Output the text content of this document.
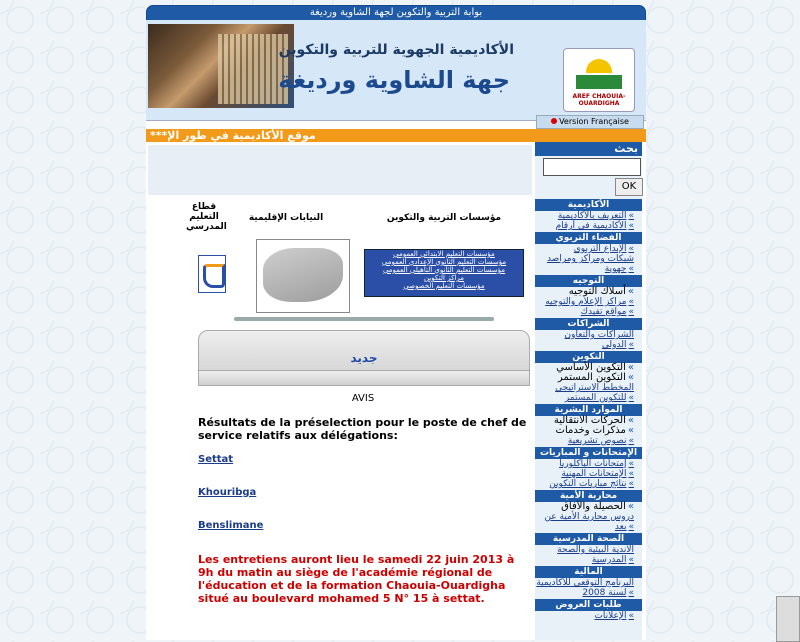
بوابة التربية والتكوين لجهة الشاوية ورديغة
الأكاديمية الجهوية للتربية والتكوين
جهة الشاوية ورديغة
AREF CHAOUIA-OUARDIGHA
Version Française
***موقع الأكاديمية في طور الإ
قطاع التعليم المدرسي
النيابات الإقليمية	مؤسسات التربية والتكوين
مؤسسات التعليم الابتدائي العمومي
مؤسسات التعليم الثانوي الإعدادي العمومي
مؤسسات التعليم الثانوي التأهيلي العمومي
مراكز التكوين
مؤسسات التعليم الخصوصي
جديد
AVIS

Résultats de la préselection pour le poste de chef de service relatifs aux délégations:

Settat
Khouribga
Benslimane
Les entretiens auront lieu le samedi 22 juin 2013 à 9h du matin au siège de l'académie régional de l'éducation et de la formation Chaouia-Ouardigha situé au boulevard mohamed 5 N° 15 à settat.
بحث
OK
الأكاديمية
التعريف بالأكاديمية «
الأكاديمية في أرقام «
الفضاء التربوي
الإبداع التربوي «
شبكات ومراكز ومراصد جهوية «
التوجيه
أسلاك التوجيه «
مراكز الإعلام والتوجيه «
مواقع تفيدك «
الشراكات
الشراكات والتعاون الدولي «
التكوين
التكوين الأساسي «
التكوين المستمر «
المخطط الاستراتيجي للتكوين المستمر «
الموارد البشرية
الحركات الانتقالية «
مذكرات وخدمات «
نصوص تشريعية «
الإمتحانات و المباريات
إمتحانات الباكلوريا «
الإمتحانات المهنية «
نتائج مباريات التكوين «
محاربة الأمية
الحصيلة والآفاق «
دروس محاربة الأمية عن بعد «
الصحة المدرسية
الأندية البيئية والصحة المدرسية «
المالية
البرنامج التوقعي للأكاديمية لسنة 2008 «
طلبات العروض
الإعلانات «
